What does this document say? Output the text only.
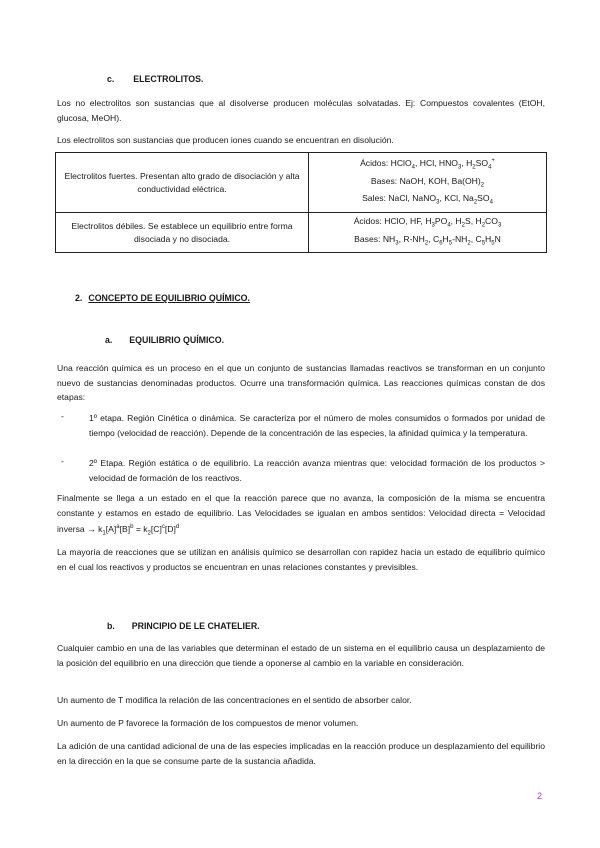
c. ELECTROLITOS.
Los no electrolitos son sustancias que al disolverse producen moléculas solvatadas. Ej: Compuestos covalentes (EtOH, glucosa, MeOH).
Los electrolitos son sustancias que producen iones cuando se encuentran en disolución.
Electrolitos fuertes. Presentan alto grado de disociación y alta conductividad eléctrica.	Ácidos: HClO$_4$, HCl, $HNO_3$, $H_2SO_4^+$
Bases: NaOH, KOH, $Ba(OH)_2$
Sales: NaCl, NaNO$_3$, KCl, $Na_2SO_4$

Electrolitos débiles. Se establece un equilibrio entre forma disociada y no disociada.	Ácidos: HClO, HF, $H_3PO_4$, $H_2S$, $H_2CO_3$
Bases: $NH_3$, $R-NH_2$, $C_6H_5-NH_2$, $C_5H_5N$
2. CONCEPTO DE EQUILIBRIO QUÍMICO.
a. EQUILIBRIO QUÍMICO.
Una reacción química es un proceso en el que un conjunto de sustancias llamadas reactivos se transforman en un conjunto nuevo de sustancias denominadas productos. Ocurre una transformación química. Las reacciones químicas constan de dos etapas:
-	1º etapa. Región Cinética o dinámica. Se caracteriza por el número de moles consumidos o formados por unidad de tiempo (velocidad de reacción). Depende de la concentración de las especies, la afinidad química y la temperatura.
-	2º Etapa. Región estática o de equilibrio. La reacción avanza mientras que: velocidad formación de los productos > velocidad de formación de los reactivos.
Finalmente se llega a un estado en el que la reacción parece que no avanza, la composición de la misma se encuentra constante y estamos en estado de equilibrio. Las Velocidades se igualan en ambos sentidos: Velocidad directa = Velocidad inversa → $k_1[A]^a[B]^b = k_2[C]^c[D]^d$
La mayoría de reacciones que se utilizan en análisis químico se desarrollan con rapidez hacia un estado de equilibrio químico en el cual los reactivos y productos se encuentran en unas relaciones constantes y previsibles.
b. PRINCIPIO DE LE CHATELIER.
Cualquier cambio en una de las variables que determinan el estado de un sistema en el equilibrio causa un desplazamiento de la posición del equilibrio en una dirección que tiende a oponerse al cambio en la variable en consideración.
Un aumento de T modifica la relación de las concentraciones en el sentido de absorber calor.
Un aumento de P favorece la formación de los compuestos de menor volumen.
La adición de una cantidad adicional de una de las especies implicadas en la reacción produce un desplazamiento del equilibrio en la dirección en la que se consume parte de la sustancia añadida.
2
